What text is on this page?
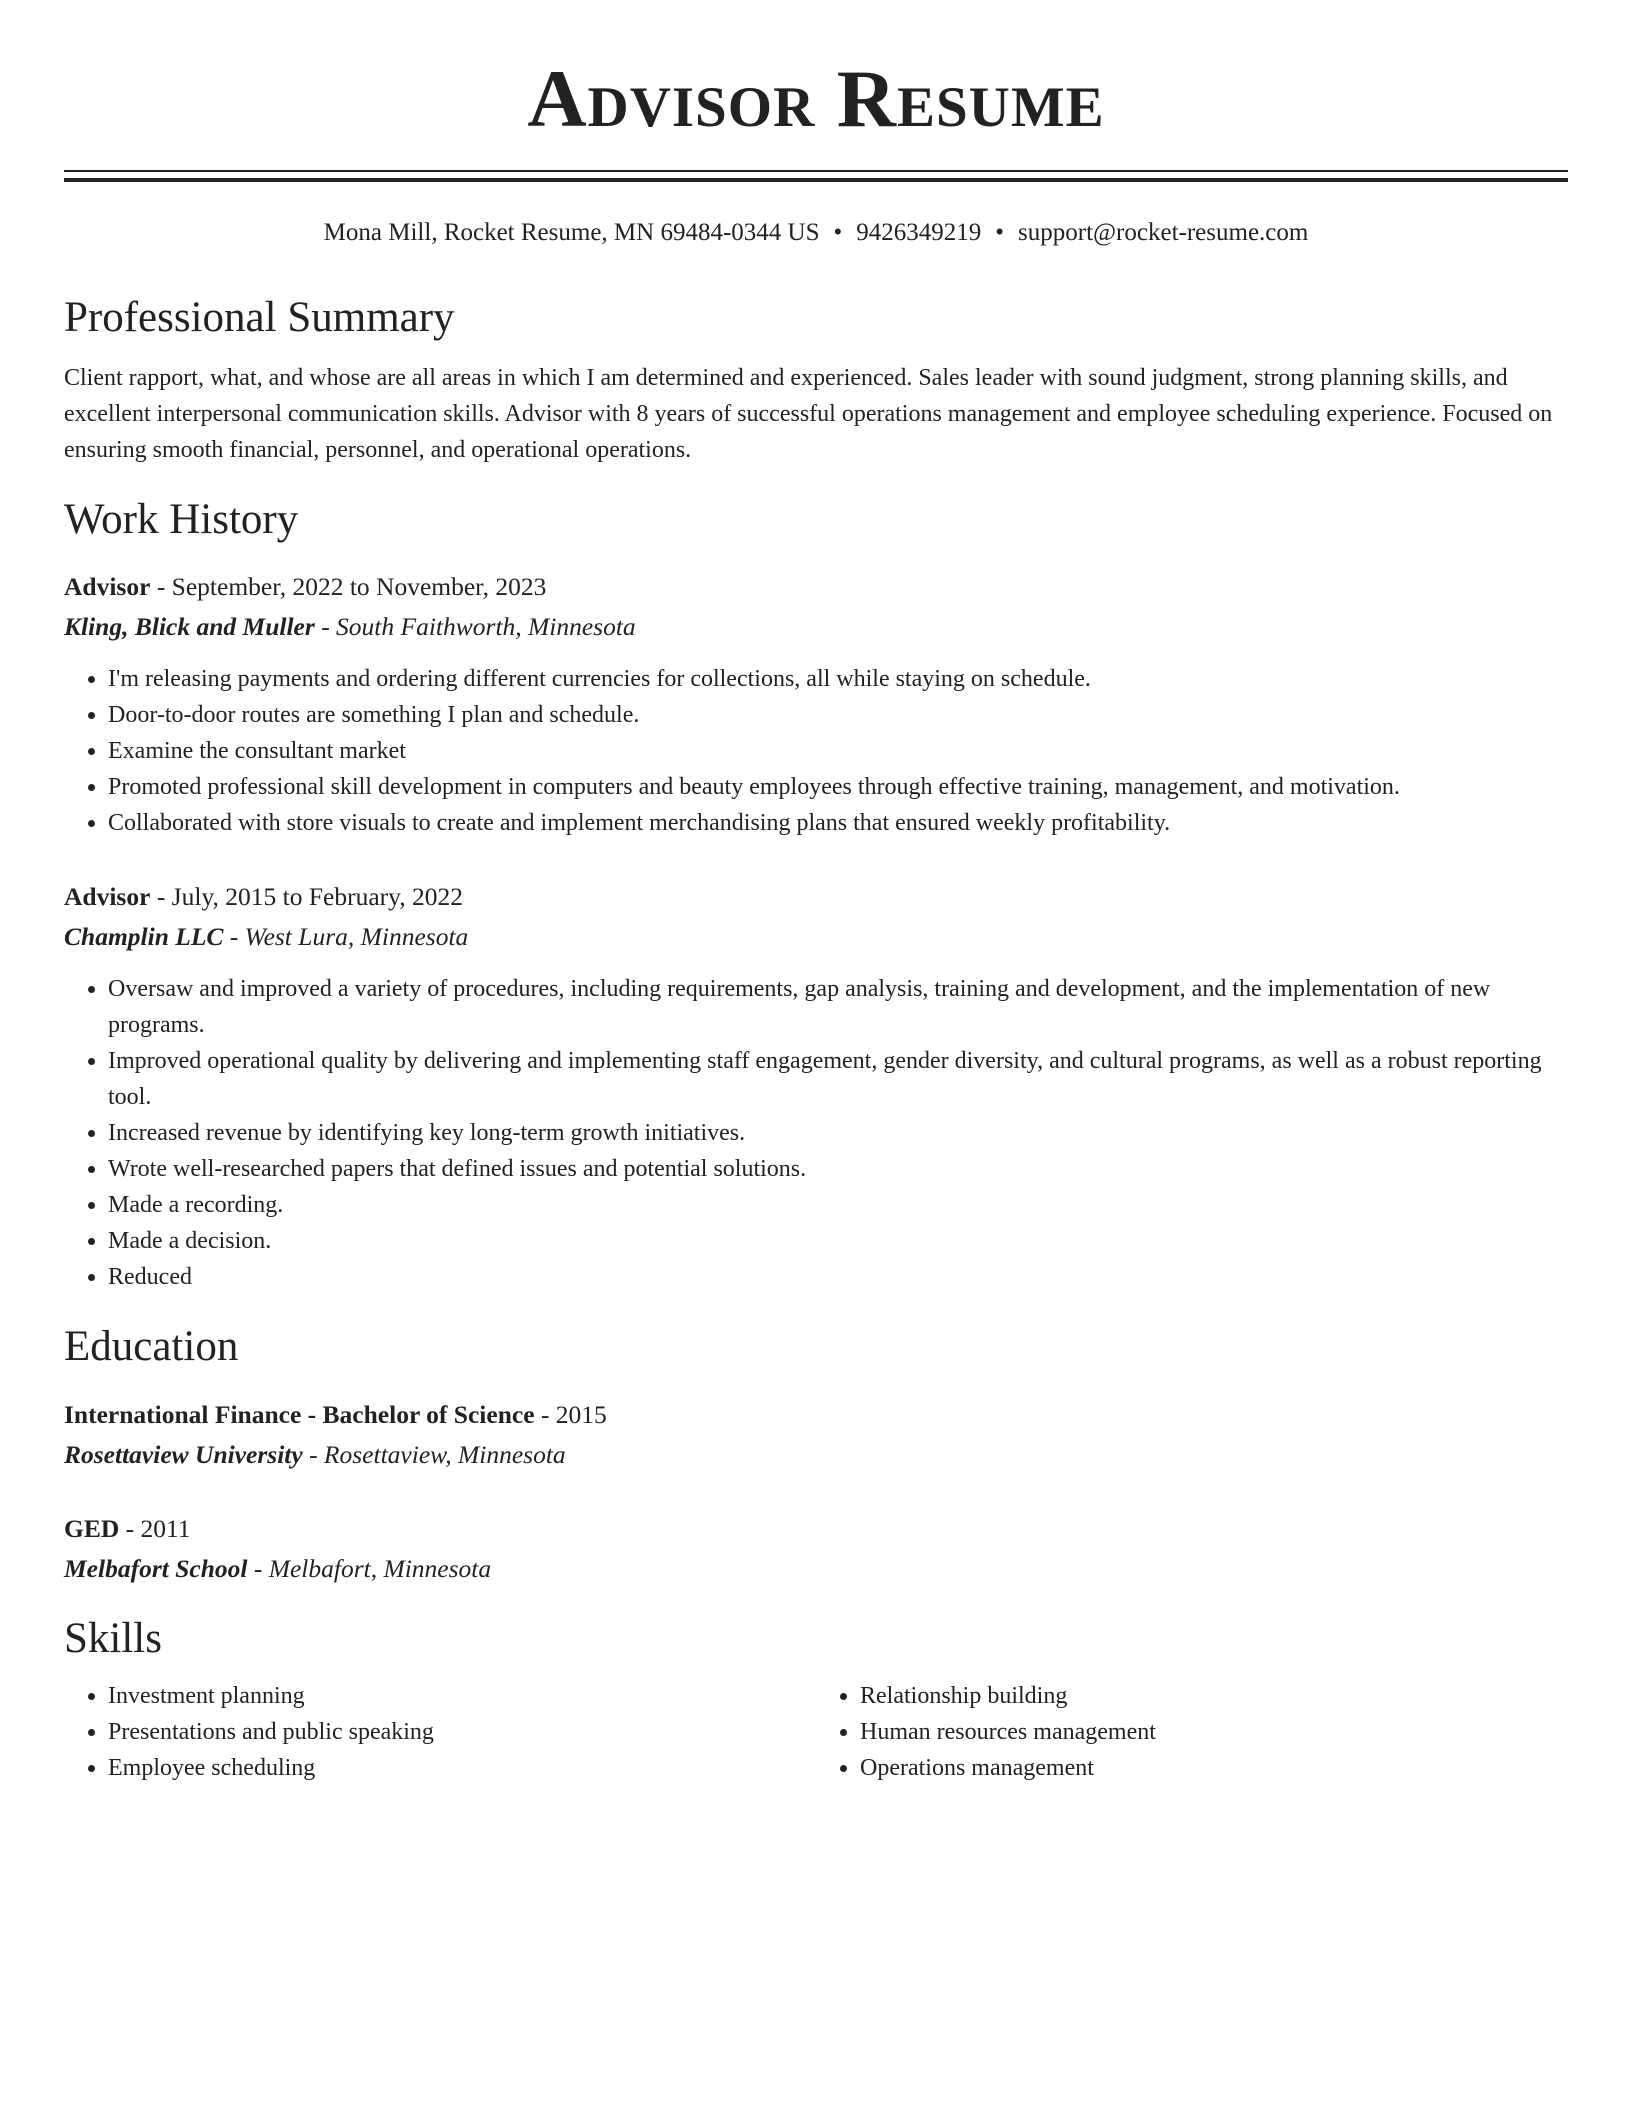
Advisor Resume
Mona Mill, Rocket Resume, MN 69484-0344 US • 9426349219 • support@rocket-resume.com
Professional Summary

Client rapport, what, and whose are all areas in which I am determined and experienced. Sales leader with sound judgment, strong planning skills, and excellent interpersonal communication skills. Advisor with 8 years of successful operations management and employee scheduling experience. Focused on ensuring smooth financial, personnel, and operational operations.

Work History
Advisor - September, 2022 to November, 2023
Kling, Blick and Muller - South Faithworth, Minnesota
• I'm releasing payments and ordering different currencies for collections, all while staying on schedule.
• Door-to-door routes are something I plan and schedule.
• Examine the consultant market
• Promoted professional skill development in computers and beauty employees through effective training, management, and motivation.
• Collaborated with store visuals to create and implement merchandising plans that ensured weekly profitability.
Advisor - July, 2015 to February, 2022
Champlin LLC - West Lura, Minnesota
• Oversaw and improved a variety of procedures, including requirements, gap analysis, training and development, and the implementation of new programs.
• Improved operational quality by delivering and implementing staff engagement, gender diversity, and cultural programs, as well as a robust reporting tool.
• Increased revenue by identifying key long-term growth initiatives.
• Wrote well-researched papers that defined issues and potential solutions.
• Made a recording.
• Made a decision.
• Reduced
Education
International Finance - Bachelor of Science - 2015
Rosettaview University - Rosettaview, Minnesota
GED - 2011
Melbafort School - Melbafort, Minnesota
Skills
• Investment planning
• Presentations and public speaking
• Employee scheduling
• Relationship building
• Human resources management
• Operations management
